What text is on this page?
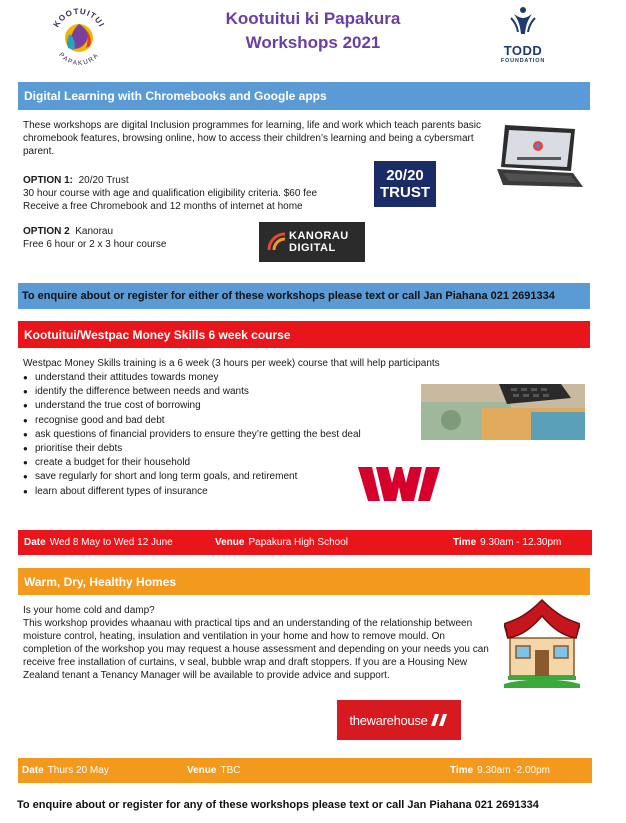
KOOTUITUI
PAPAKURA
Kootuitui ki Papakura
Workshops 2021	TODD
FOUNDATION
Digital Learning with Chromebooks and Google apps
These workshops are digital Inclusion programmes for learning, life and work which teach parents basic chromebook features, browsing online, how to access their children’s learning and being a cybersmart parent.
OPTION 1: 20/20 Trust
30 hour course with age and qualification eligibility criteria. $60 fee
Receive a free Chromebook and 12 months of internet at home
20/20
TRUST
OPTION 2 Kanorau
Free 6 hour or 2 x 3 hour course
KANORAU
DIGITAL
To enquire about or register for either of these workshops please text or call Jan Piahana 021 2691334
Kootuitui/Westpac Money Skills 6 week course
Westpac Money Skills training is a 6 week (3 hours per week) course that will help participants
● understand their attitudes towards money
● identify the difference between needs and wants
● understand the true cost of borrowing
● recognise good and bad debt
● ask questions of financial providers to ensure they’re getting the best deal
● prioritise their debts
● create a budget for their household
● save regularly for short and long term goals, and retirement
● learn about different types of insurance
Date Wed 8 May to Wed 12 June	Venue Papakura High School	Time 9.30am - 12.30pm
Warm, Dry, Healthy Homes
Is your home cold and damp?
This workshop provides whaanau with practical tips and an understanding of the relationship between moisture control, heating, insulation and ventilation in your home and how to remove mould. On completion of the workshop you may request a house assessment and depending on your needs you can receive free installation of curtains, v seal, bubble wrap and draft stoppers. If you are a Housing New Zealand tenant a Tenancy Manager will be available to provide advice and support.
thewarehouse
Date Thurs 20 May	Venue TBC	Time 9.30am -2.00pm
To enquire about or register for any of these workshops please text or call Jan Piahana 021 2691334
